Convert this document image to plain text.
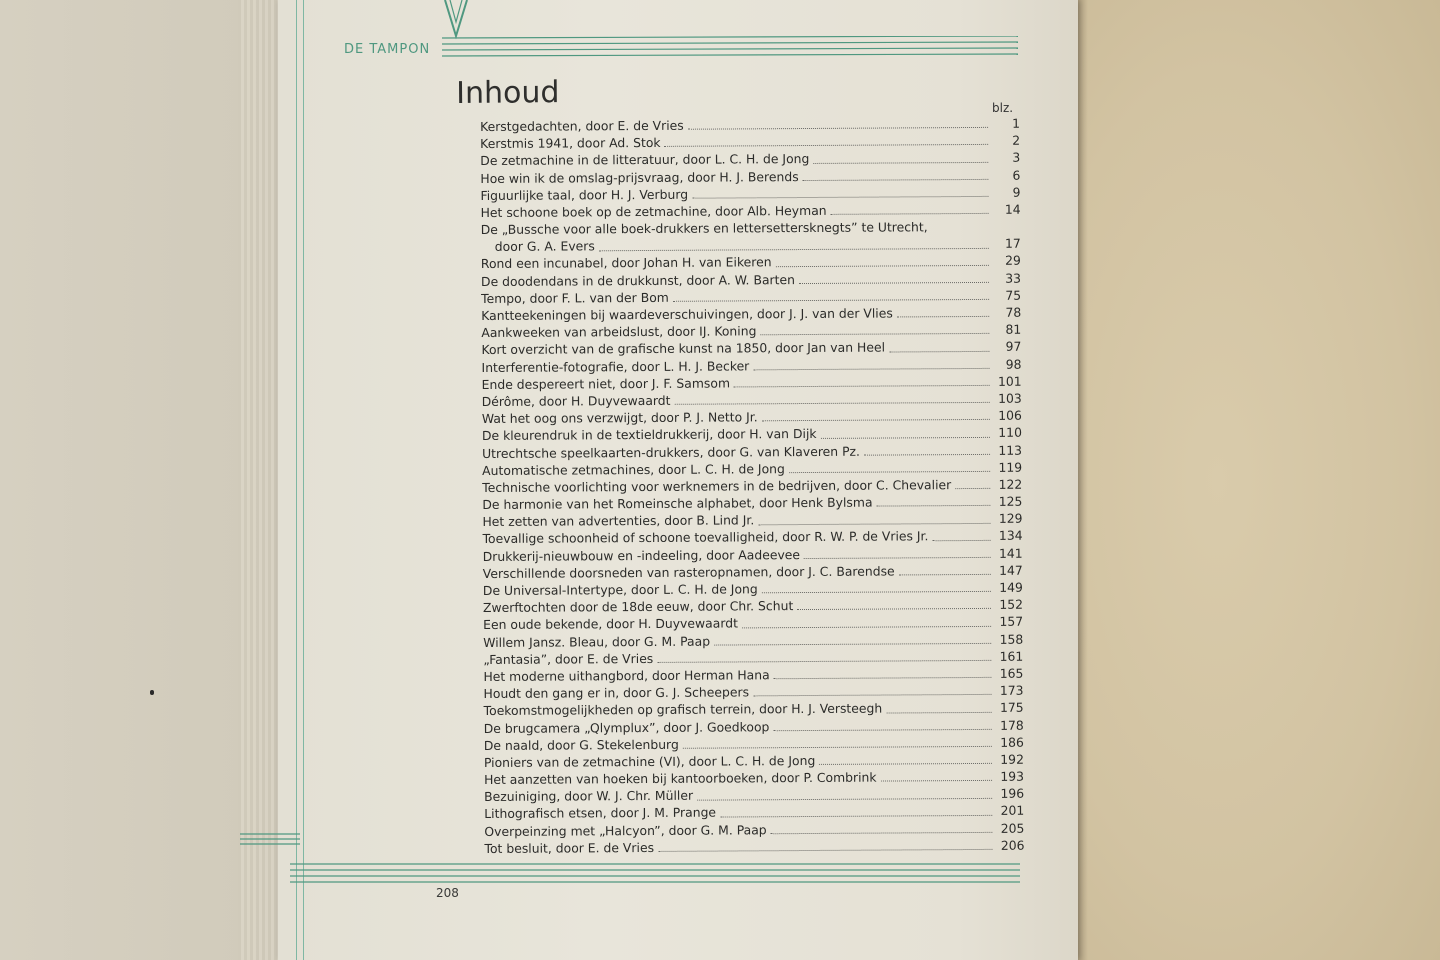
DE TAMPON
Inhoud	blz.
Kerstgedachten, door E. de Vries	1
Kerstmis 1941, door Ad. Stok	2
De zetmachine in de litteratuur, door L. C. H. de Jong	3
Hoe win ik de omslag-prijsvraag, door H. J. Berends	6
Figuurlijke taal, door H. J. Verburg	9
Het schoone boek op de zetmachine, door Alb. Heyman	14
De „Bussche voor alle boek-drukkers en lettersettersknegts” te Utrecht,
door G. A. Evers	17
Rond een incunabel, door Johan H. van Eikeren	29
De doodendans in de drukkunst, door A. W. Barten	33
Tempo, door F. L. van der Bom	75
Kantteekeningen bij waardeverschuivingen, door J. J. van der Vlies	78
Aankweeken van arbeidslust, door IJ. Koning	81
Kort overzicht van de grafische kunst na 1850, door Jan van Heel	97
Interferentie-fotografie, door L. H. J. Becker	98
Ende despereert niet, door J. F. Samsom	101
Dérôme, door H. Duyvewaardt	103
Wat het oog ons verzwijgt, door P. J. Netto Jr.	106
De kleurendruk in de textieldrukkerij, door H. van Dijk	110
Utrechtsche speelkaarten-drukkers, door G. van Klaveren Pz.	113
Automatische zetmachines, door L. C. H. de Jong	119
Technische voorlichting voor werknemers in de bedrijven, door C. Chevalier	122
De harmonie van het Romeinsche alphabet, door Henk Bylsma	125
Het zetten van advertenties, door B. Lind Jr.	129
Toevallige schoonheid of schoone toevalligheid, door R. W. P. de Vries Jr.	134
Drukkerij-nieuwbouw en -indeeling, door Aadeevee	141
Verschillende doorsneden van rasteropnamen, door J. C. Barendse	147
De Universal-Intertype, door L. C. H. de Jong	149
Zwerftochten door de 18de eeuw, door Chr. Schut	152
Een oude bekende, door H. Duyvewaardt	157
Willem Jansz. Bleau, door G. M. Paap	158
„Fantasia”, door E. de Vries	161
Het moderne uithangbord, door Herman Hana	165
Houdt den gang er in, door G. J. Scheepers	173
Toekomstmogelijkheden op grafisch terrein, door H. J. Versteegh	175
De brugcamera „Qlymplux”, door J. Goedkoop	178
De naald, door G. Stekelenburg	186
Pioniers van de zetmachine (VI), door L. C. H. de Jong	192
Het aanzetten van hoeken bij kantoorboeken, door P. Combrink	193
Bezuiniging, door W. J. Chr. Müller	196
Lithografisch etsen, door J. M. Prange	201
Overpeinzing met „Halcyon”, door G. M. Paap	205
Tot besluit, door E. de Vries	206
208
